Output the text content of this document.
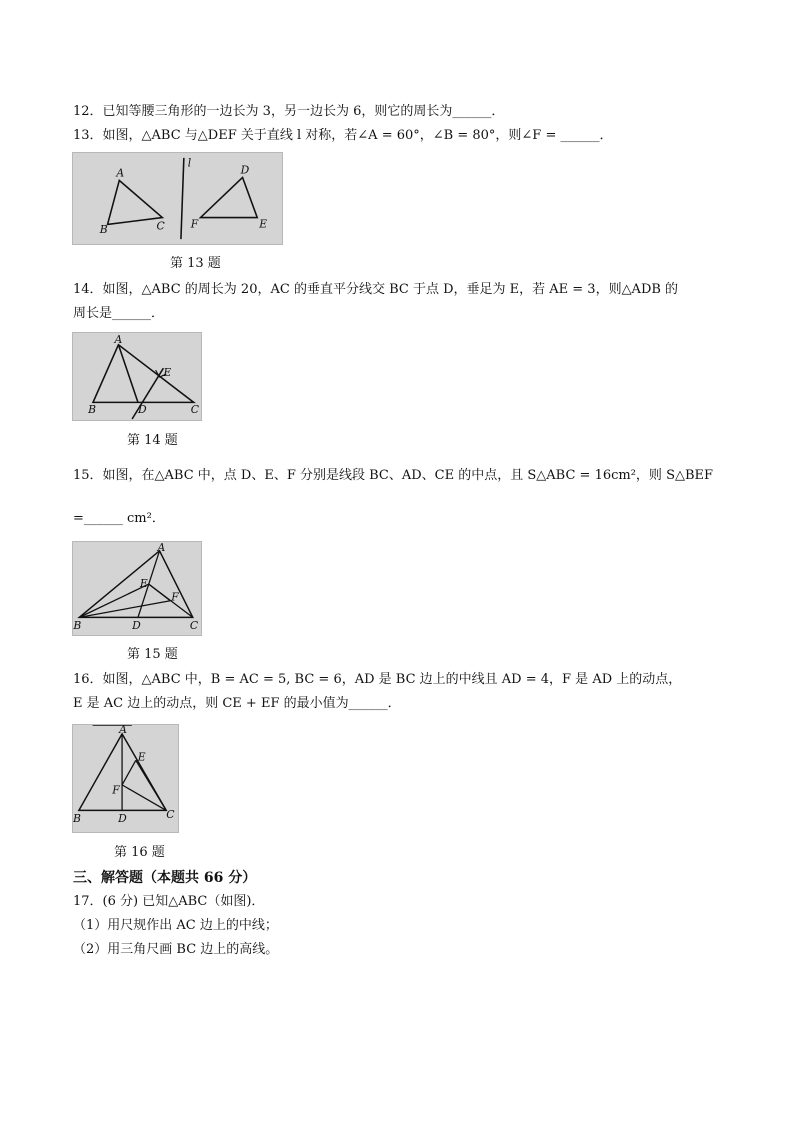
12．已知等腰三角形的一边长为 3，另一边长为 6，则它的周长为______．
13．如图，△ABC 与△DEF 关于直线 l 对称，若∠A = 60°，∠B = 80°，则∠F = ______．
A
B	C
l
D
F	E
第 13 题
14．如图，△ABC 的周长为 20，AC 的垂直平分线交 BC 于点 D，垂足为 E，若 AE = 3，则△ADB 的
周长是______．
A
B	D	C
E
第 14 题
15．如图，在△ABC 中，点 D、E、F 分别是线段 BC、AD、CE 的中点，且 S△ABC = 16cm²，则 S△BEF
=______ cm²．
A
B	D	C
E
F
第 15 题
16．如图，△ABC 中，B = AC = 5, BC = 6，AD 是 BC 边上的中线且 AD = 4，F 是 AD 上的动点，
E 是 AC 边上的动点，则 CE + EF 的最小值为______．
A
B	D	C
E
F
第 16 题
三、解答题（本题共 66 分）
17．(6 分) 已知△ABC（如图)．
（1）用尺规作出 AC 边上的中线；
（2）用三角尺画 BC 边上的高线。
